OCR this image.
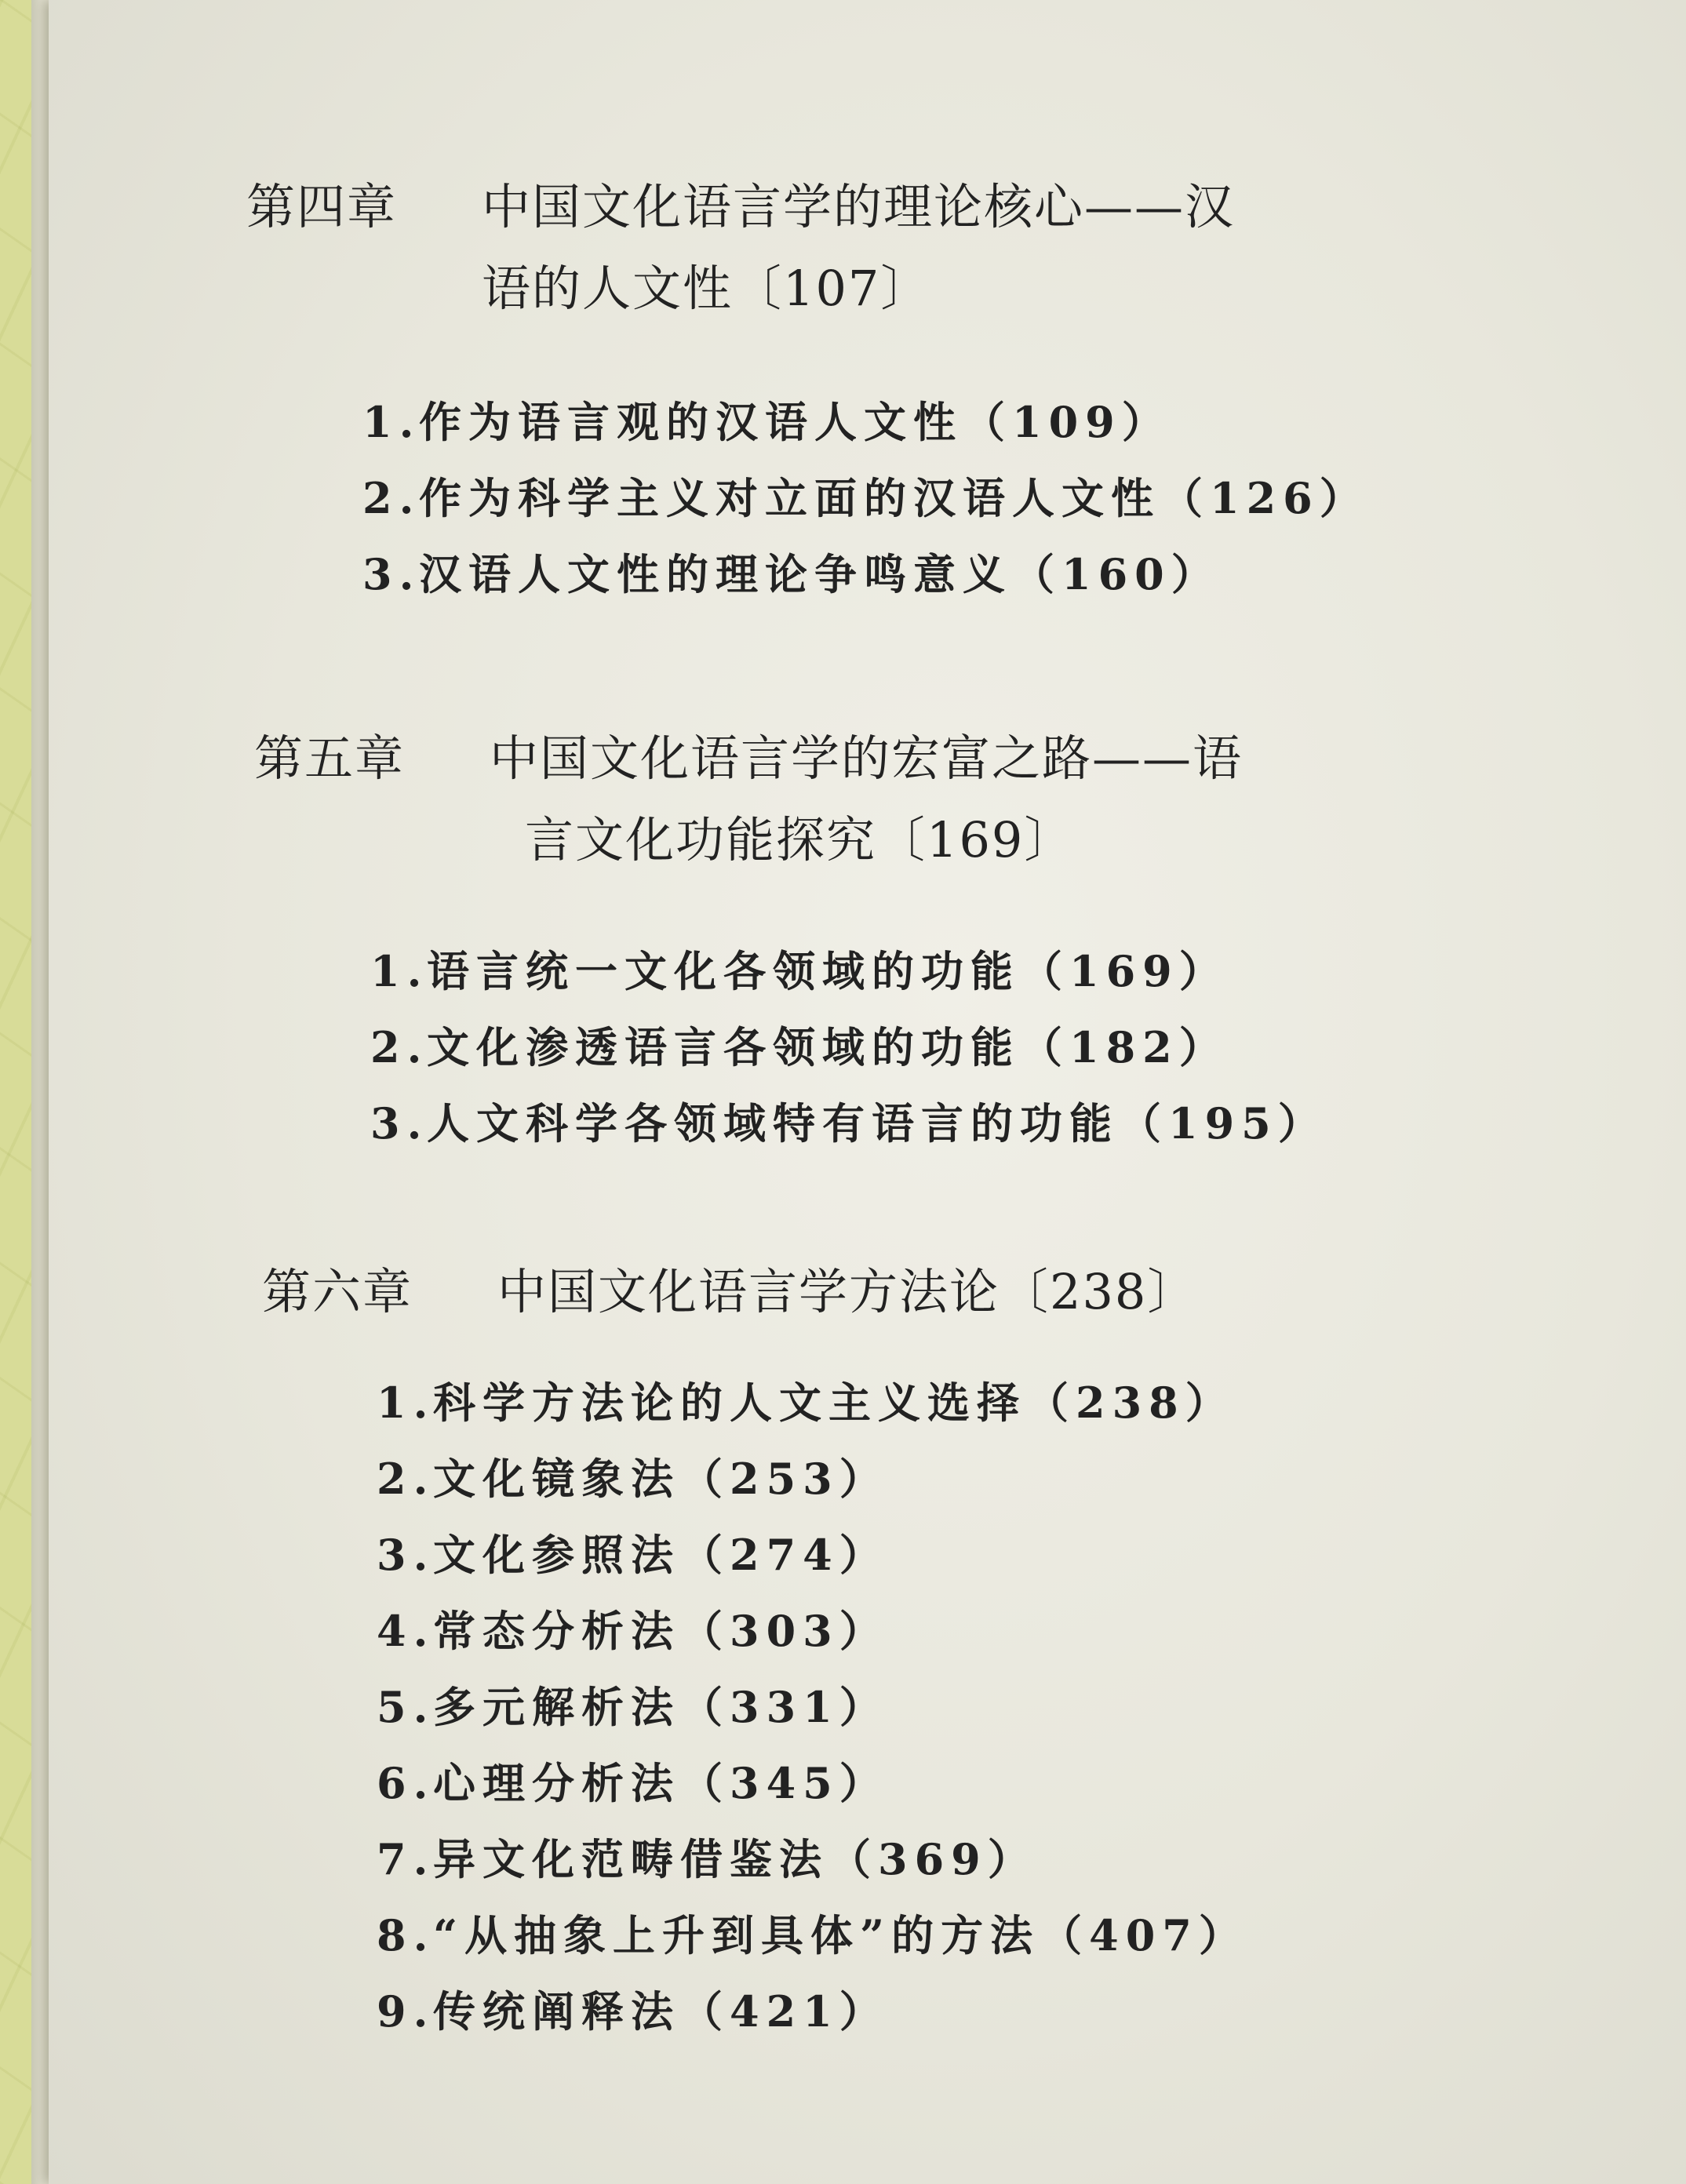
第四章 中国文化语言学的理论核心——汉
语的人文性〔107〕
1.作为语言观的汉语人文性（109）
2.作为科学主义对立面的汉语人文性（126）
3.汉语人文性的理论争鸣意义（160）
第五章 中国文化语言学的宏富之路——语
言文化功能探究〔169〕
1.语言统一文化各领域的功能（169）
2.文化渗透语言各领域的功能（182）
3.人文科学各领域特有语言的功能（195）
第六章 中国文化语言学方法论〔238〕
1.科学方法论的人文主义选择（238）
2.文化镜象法（253）
3.文化参照法（274）
4.常态分析法（303）
5.多元解析法（331）
6.心理分析法（345）
7.异文化范畴借鉴法（369）
8.“从抽象上升到具体”的方法（407）
9.传统阐释法（421）
